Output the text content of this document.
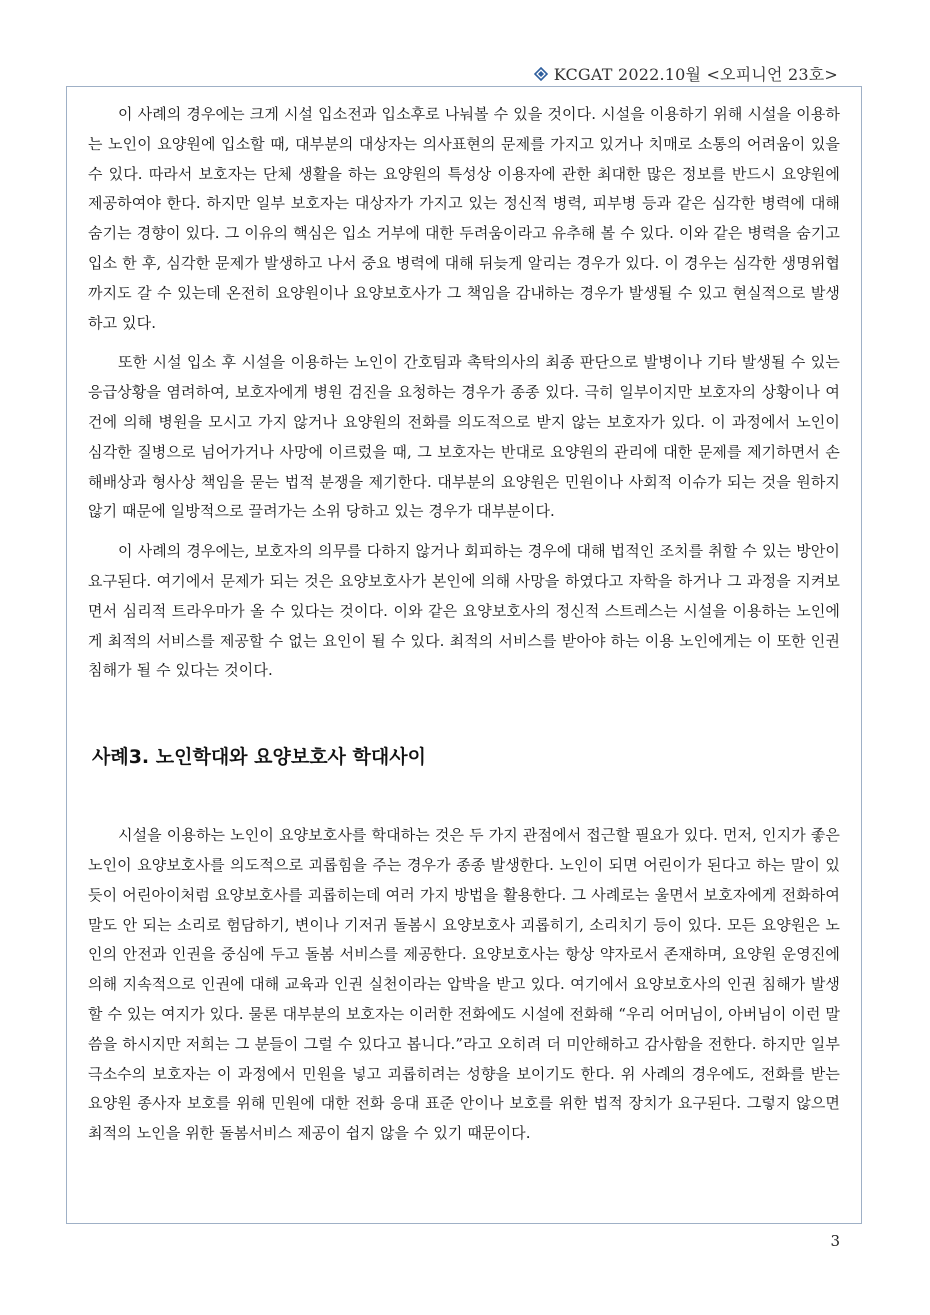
KCGAT 2022.10월 <오피니언 23호>

이 사례의 경우에는 크게 시설 입소전과 입소후로 나눠볼 수 있을 것이다. 시설을 이용하기 위해 시설을 이용하는 노인이 요양원에 입소할 때, 대부분의 대상자는 의사표현의 문제를 가지고 있거나 치매로 소통의 어려움이 있을 수 있다. 따라서 보호자는 단체 생활을 하는 요양원의 특성상 이용자에 관한 최대한 많은 정보를 반드시 요양원에 제공하여야 한다. 하지만 일부 보호자는 대상자가 가지고 있는 정신적 병력, 피부병 등과 같은 심각한 병력에 대해 숨기는 경향이 있다. 그 이유의 핵심은 입소 거부에 대한 두려움이라고 유추해 볼 수 있다. 이와 같은 병력을 숨기고 입소 한 후, 심각한 문제가 발생하고 나서 중요 병력에 대해 뒤늦게 알리는 경우가 있다. 이 경우는 심각한 생명위협까지도 갈 수 있는데 온전히 요양원이나 요양보호사가 그 책임을 감내하는 경우가 발생될 수 있고 현실적으로 발생하고 있다.

또한 시설 입소 후 시설을 이용하는 노인이 간호팀과 촉탁의사의 최종 판단으로 발병이나 기타 발생될 수 있는 응급상황을 염려하여, 보호자에게 병원 검진을 요청하는 경우가 종종 있다. 극히 일부이지만 보호자의 상황이나 여건에 의해 병원을 모시고 가지 않거나 요양원의 전화를 의도적으로 받지 않는 보호자가 있다. 이 과정에서 노인이 심각한 질병으로 넘어가거나 사망에 이르렀을 때, 그 보호자는 반대로 요양원의 관리에 대한 문제를 제기하면서 손해배상과 형사상 책임을 묻는 법적 분쟁을 제기한다. 대부분의 요양원은 민원이나 사회적 이슈가 되는 것을 원하지 않기 때문에 일방적으로 끌려가는 소위 당하고 있는 경우가 대부분이다.

이 사례의 경우에는, 보호자의 의무를 다하지 않거나 회피하는 경우에 대해 법적인 조치를 취할 수 있는 방안이 요구된다. 여기에서 문제가 되는 것은 요양보호사가 본인에 의해 사망을 하였다고 자학을 하거나 그 과정을 지켜보면서 심리적 트라우마가 올 수 있다는 것이다. 이와 같은 요양보호사의 정신적 스트레스는 시설을 이용하는 노인에게 최적의 서비스를 제공할 수 없는 요인이 될 수 있다. 최적의 서비스를 받아야 하는 이용 노인에게는 이 또한 인권 침해가 될 수 있다는 것이다.

사례3. 노인학대와 요양보호사 학대사이

시설을 이용하는 노인이 요양보호사를 학대하는 것은 두 가지 관점에서 접근할 필요가 있다. 먼저, 인지가 좋은 노인이 요양보호사를 의도적으로 괴롭힘을 주는 경우가 종종 발생한다. 노인이 되면 어린이가 된다고 하는 말이 있듯이 어린아이처럼 요양보호사를 괴롭히는데 여러 가지 방법을 활용한다. 그 사례로는 울면서 보호자에게 전화하여 말도 안 되는 소리로 험담하기, 변이나 기저귀 돌봄시 요양보호사 괴롭히기, 소리치기 등이 있다. 모든 요양원은 노인의 안전과 인권을 중심에 두고 돌봄 서비스를 제공한다. 요양보호사는 항상 약자로서 존재하며, 요양원 운영진에 의해 지속적으로 인권에 대해 교육과 인권 실천이라는 압박을 받고 있다. 여기에서 요양보호사의 인권 침해가 발생할 수 있는 여지가 있다. 물론 대부분의 보호자는 이러한 전화에도 시설에 전화해 “우리 어머님이, 아버님이 이런 말씀을 하시지만 저희는 그 분들이 그럴 수 있다고 봅니다.”라고 오히려 더 미안해하고 감사함을 전한다. 하지만 일부 극소수의 보호자는 이 과정에서 민원을 넣고 괴롭히려는 성향을 보이기도 한다. 위 사례의 경우에도, 전화를 받는 요양원 종사자 보호를 위해 민원에 대한 전화 응대 표준 안이나 보호를 위한 법적 장치가 요구된다. 그렇지 않으면 최적의 노인을 위한 돌봄서비스 제공이 쉽지 않을 수 있기 때문이다.

3
